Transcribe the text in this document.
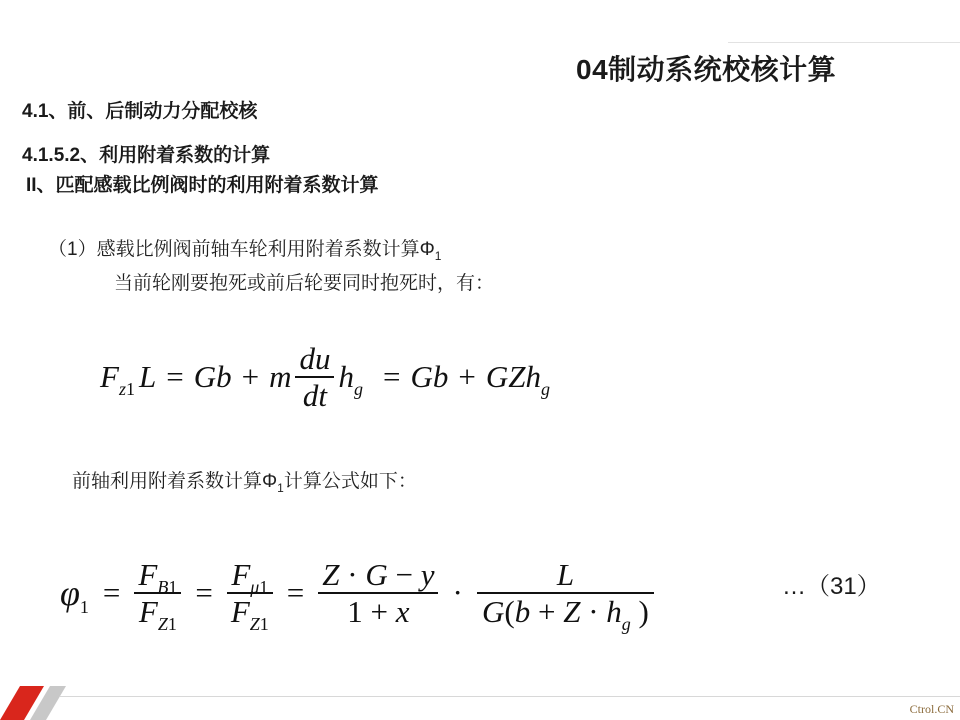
04制动系统校核计算
4.1、前、后制动力分配校核
4.1.5.2、利用附着系数的计算
II、匹配感载比例阀时的利用附着系数计算
（1）感载比例阀前轴车轮利用附着系数计算$\Phi_1$
当前轮刚要抱死或前后轮要同时抱死时，有：
$F_{z1}$ L = Gb + m $\frac{du}{dt} h_g = Gb + GZh_g$
前轴利用附着系数计算$\Phi_1$计算公式如下：
$\varphi_1 = \frac{F_{B1}}{F_{Z1}} = \frac{F_{\mu 1}}{F_{Z1}} = \frac{Z \cdot G - y}{1 + x} \cdot \frac{L}{G(b + Z \cdot h_g )}$	…（31）
Ctrol.CN
